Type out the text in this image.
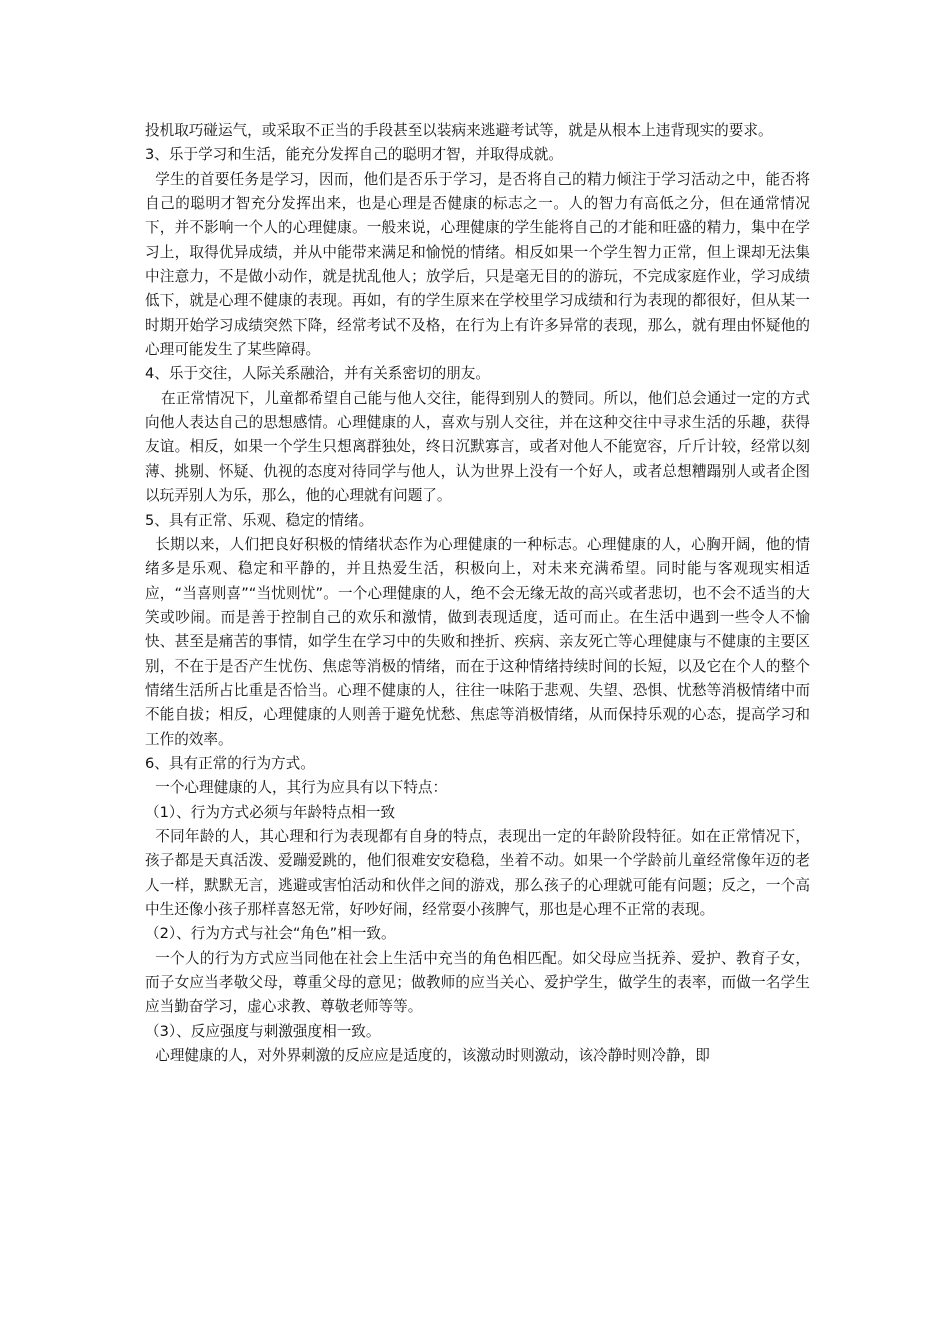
投机取巧碰运气，或采取不正当的手段甚至以装病来逃避考试等，就是从根本上违背现实的要求。

3、乐于学习和生活，能充分发挥自己的聪明才智，并取得成就。

学生的首要任务是学习，因而，他们是否乐于学习，是否将自己的精力倾注于学习活动之中，能否将自己的聪明才智充分发挥出来，也是心理是否健康的标志之一。人的智力有高低之分，但在通常情况下，并不影响一个人的心理健康。一般来说，心理健康的学生能将自己的才能和旺盛的精力，集中在学习上，取得优异成绩，并从中能带来满足和愉悦的情绪。相反如果一个学生智力正常，但上课却无法集中注意力，不是做小动作，就是扰乱他人；放学后，只是毫无目的的游玩，不完成家庭作业，学习成绩低下，就是心理不健康的表现。再如，有的学生原来在学校里学习成绩和行为表现的都很好，但从某一时期开始学习成绩突然下降，经常考试不及格，在行为上有许多异常的表现，那么，就有理由怀疑他的心理可能发生了某些障碍。

4、乐于交往，人际关系融洽，并有关系密切的朋友。

在正常情况下，儿童都希望自己能与他人交往，能得到别人的赞同。所以，他们总会通过一定的方式向他人表达自己的思想感情。心理健康的人，喜欢与别人交往，并在这种交往中寻求生活的乐趣，获得友谊。相反，如果一个学生只想离群独处，终日沉默寡言，或者对他人不能宽容，斤斤计较，经常以刻薄、挑剔、怀疑、仇视的态度对待同学与他人，认为世界上没有一个好人，或者总想糟蹋别人或者企图以玩弄别人为乐，那么，他的心理就有问题了。

5、具有正常、乐观、稳定的情绪。

长期以来，人们把良好积极的情绪状态作为心理健康的一种标志。心理健康的人，心胸开阔，他的情绪多是乐观、稳定和平静的，并且热爱生活，积极向上，对未来充满希望。同时能与客观现实相适应，“当喜则喜”“当忧则忧”。一个心理健康的人，绝不会无缘无故的高兴或者悲切，也不会不适当的大笑或吵闹。而是善于控制自己的欢乐和激情，做到表现适度，适可而止。在生活中遇到一些令人不愉快、甚至是痛苦的事情，如学生在学习中的失败和挫折、疾病、亲友死亡等心理健康与不健康的主要区别，不在于是否产生忧伤、焦虑等消极的情绪，而在于这种情绪持续时间的长短，以及它在个人的整个情绪生活所占比重是否恰当。心理不健康的人，往往一味陷于悲观、失望、恐惧、忧愁等消极情绪中而不能自拔；相反，心理健康的人则善于避免忧愁、焦虑等消极情绪，从而保持乐观的心态，提高学习和工作的效率。

6、具有正常的行为方式。

一个心理健康的人，其行为应具有以下特点：

（1）、行为方式必须与年龄特点相一致

不同年龄的人，其心理和行为表现都有自身的特点，表现出一定的年龄阶段特征。如在正常情况下，孩子都是天真活泼、爱蹦爱跳的，他们很难安安稳稳，坐着不动。如果一个学龄前儿童经常像年迈的老人一样，默默无言，逃避或害怕活动和伙伴之间的游戏，那么孩子的心理就可能有问题；反之，一个高中生还像小孩子那样喜怒无常，好吵好闹，经常耍小孩脾气，那也是心理不正常的表现。

（2）、行为方式与社会“角色”相一致。

一个人的行为方式应当同他在社会上生活中充当的角色相匹配。如父母应当抚养、爱护、教育子女，而子女应当孝敬父母，尊重父母的意见；做教师的应当关心、爱护学生，做学生的表率，而做一名学生应当勤奋学习，虚心求教、尊敬老师等等。

（3）、反应强度与刺激强度相一致。

心理健康的人，对外界刺激的反应应是适度的，该激动时则激动，该冷静时则冷静，即
